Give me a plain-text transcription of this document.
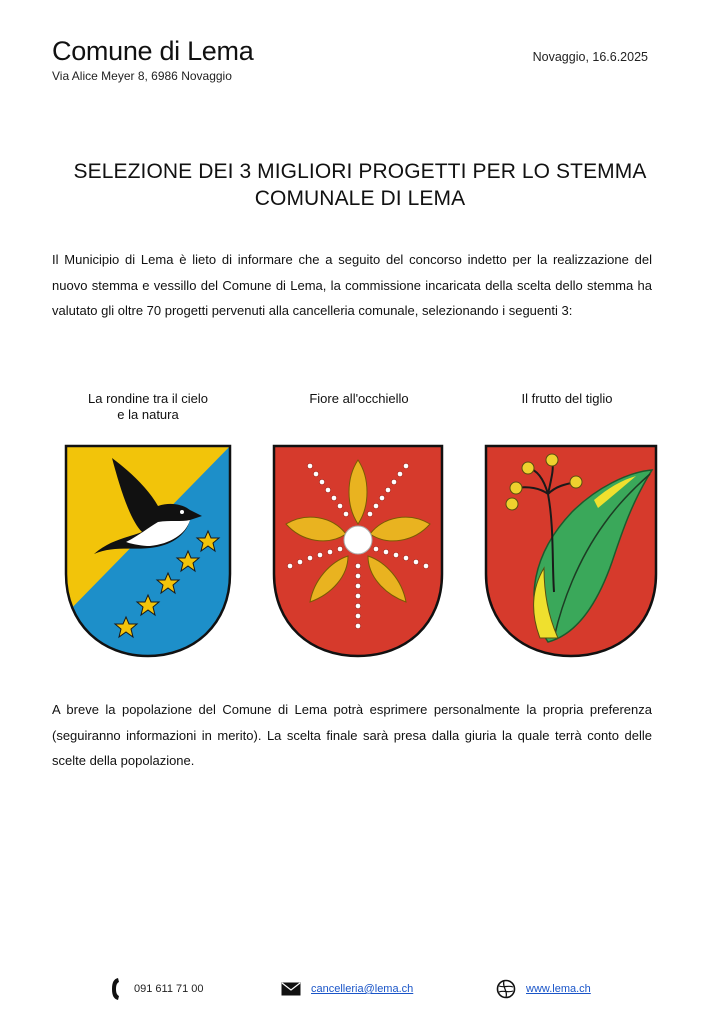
Comune di Lema
Via Alice Meyer 8, 6986 Novaggio
Novaggio, 16.6.2025
SELEZIONE DEI 3 MIGLIORI PROGETTI PER LO STEMMA
COMUNALE DI LEMA
Il Municipio di Lema è lieto di informare che a seguito del concorso indetto per la realizzazione del nuovo stemma e vessillo del Comune di Lema, la commissione incaricata della scelta dello stemma ha valutato gli oltre 70 progetti pervenuti alla cancelleria comunale, selezionando i seguenti 3:
La rondine tra il cielo
e la natura
Fiore all'occhiello	Il frutto del tiglio
A breve la popolazione del Comune di Lema potrà esprimere personalmente la propria preferenza (seguiranno informazioni in merito). La scelta finale sarà presa dalla giuria la quale terrà conto delle scelte della popolazione.
091 611 71 00	cancelleria@lema.ch	www.lema.ch
